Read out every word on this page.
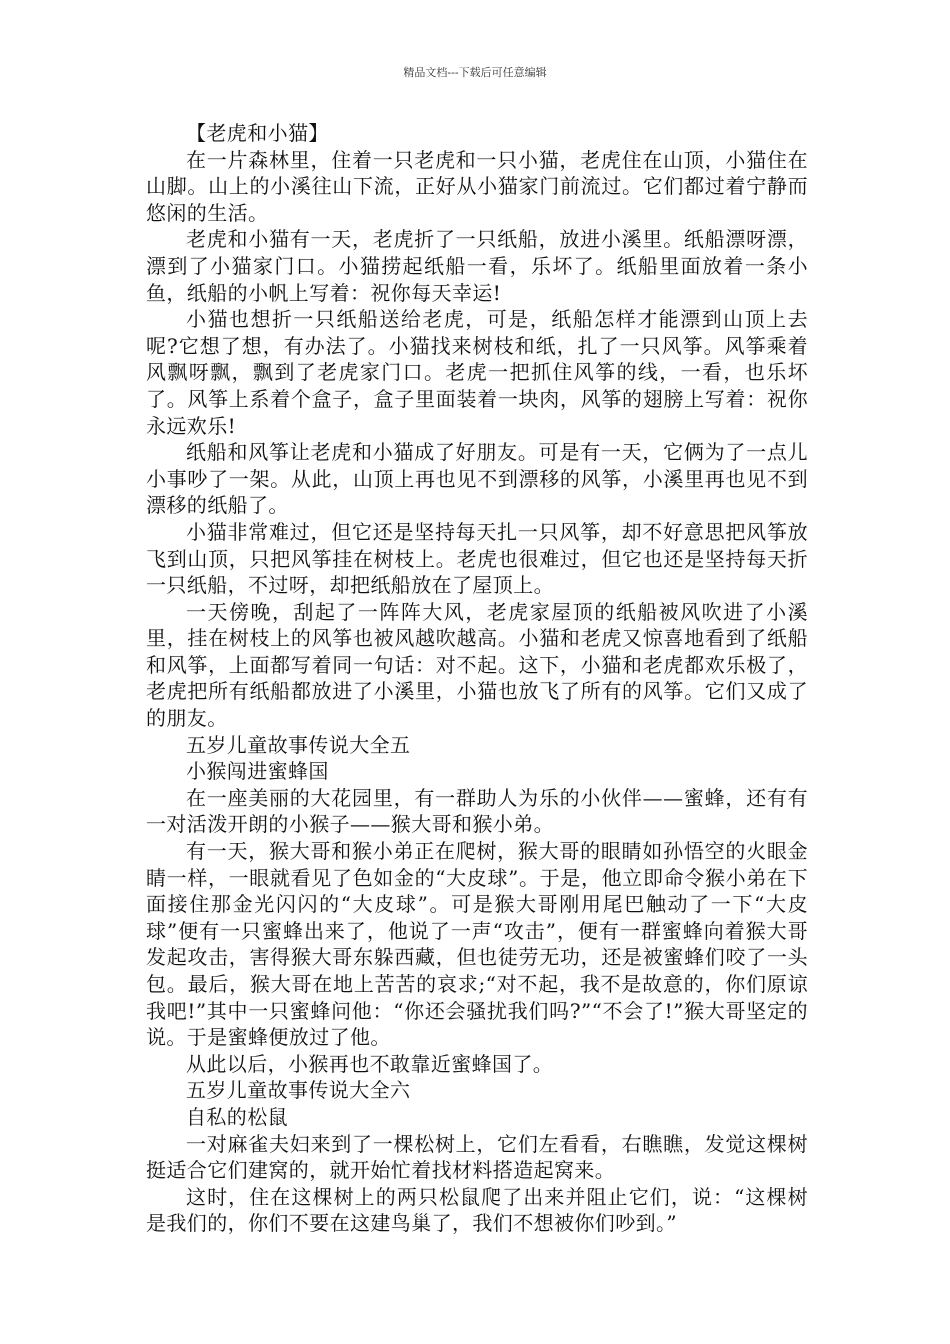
精品文档---下载后可任意编辑

【老虎和小猫】

在一片森林里，住着一只老虎和一只小猫，老虎住在山顶，小猫住在山脚。山上的小溪往山下流，正好从小猫家门前流过。它们都过着宁静而悠闲的生活。

老虎和小猫有一天，老虎折了一只纸船，放进小溪里。纸船漂呀漂，漂到了小猫家门口。小猫捞起纸船一看，乐坏了。纸船里面放着一条小鱼，纸船的小帆上写着：祝你每天幸运!

小猫也想折一只纸船送给老虎，可是，纸船怎样才能漂到山顶上去呢?它想了想，有办法了。小猫找来树枝和纸，扎了一只风筝。风筝乘着风飘呀飘，飘到了老虎家门口。老虎一把抓住风筝的线，一看，也乐坏了。风筝上系着个盒子，盒子里面装着一块肉，风筝的翅膀上写着：祝你永远欢乐!

纸船和风筝让老虎和小猫成了好朋友。可是有一天，它俩为了一点儿小事吵了一架。从此，山顶上再也见不到漂移的风筝，小溪里再也见不到漂移的纸船了。

小猫非常难过，但它还是坚持每天扎一只风筝，却不好意思把风筝放飞到山顶，只把风筝挂在树枝上。老虎也很难过，但它也还是坚持每天折一只纸船，不过呀，却把纸船放在了屋顶上。

一天傍晚，刮起了一阵阵大风，老虎家屋顶的纸船被风吹进了小溪里，挂在树枝上的风筝也被风越吹越高。小猫和老虎又惊喜地看到了纸船和风筝，上面都写着同一句话：对不起。这下，小猫和老虎都欢乐极了，老虎把所有纸船都放进了小溪里，小猫也放飞了所有的风筝。它们又成了的朋友。

五岁儿童故事传说大全五

小猴闯进蜜蜂国

在一座美丽的大花园里，有一群助人为乐的小伙伴——蜜蜂，还有有一对活泼开朗的小猴子——猴大哥和猴小弟。

有一天，猴大哥和猴小弟正在爬树，猴大哥的眼睛如孙悟空的火眼金睛一样，一眼就看见了色如金的“大皮球”。于是，他立即命令猴小弟在下面接住那金光闪闪的“大皮球”。可是猴大哥刚用尾巴触动了一下“大皮球”便有一只蜜蜂出来了，他说了一声“攻击”，便有一群蜜蜂向着猴大哥发起攻击，害得猴大哥东躲西藏，但也徒劳无功，还是被蜜蜂们咬了一头包。最后，猴大哥在地上苦苦的哀求;“对不起，我不是故意的，你们原谅我吧!”其中一只蜜蜂问他：“你还会骚扰我们吗?”“不会了!”猴大哥坚定的说。于是蜜蜂便放过了他。

从此以后，小猴再也不敢靠近蜜蜂国了。

五岁儿童故事传说大全六

自私的松鼠

一对麻雀夫妇来到了一棵松树上，它们左看看，右瞧瞧，发觉这棵树挺适合它们建窝的，就开始忙着找材料搭造起窝来。

这时，住在这棵树上的两只松鼠爬了出来并阻止它们，说：“这棵树是我们的，你们不要在这建鸟巢了，我们不想被你们吵到。”
